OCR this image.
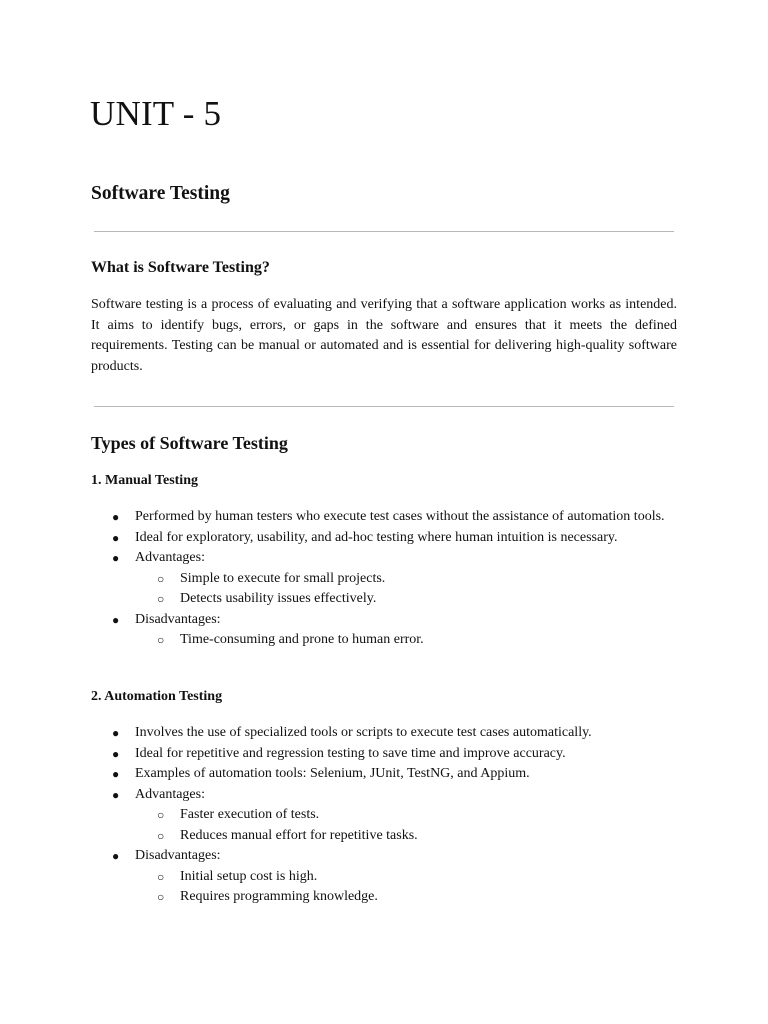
UNIT - 5
Software Testing
What is Software Testing?

Software testing is a process of evaluating and verifying that a software application works as intended. It aims to identify bugs, errors, or gaps in the software and ensures that it meets the defined requirements. Testing can be manual or automated and is essential for delivering high-quality software products.

Types of Software Testing
1. Manual Testing
● Performed by human testers who execute test cases without the assistance of automation tools.
● Ideal for exploratory, usability, and ad-hoc testing where human intuition is necessary.
● Advantages:
○ Simple to execute for small projects.
○ Detects usability issues effectively.
● Disadvantages:
○ Time-consuming and prone to human error.
2. Automation Testing
● Involves the use of specialized tools or scripts to execute test cases automatically.
● Ideal for repetitive and regression testing to save time and improve accuracy.
● Examples of automation tools: Selenium, JUnit, TestNG, and Appium.
● Advantages:
○ Faster execution of tests.
○ Reduces manual effort for repetitive tasks.
● Disadvantages:
○ Initial setup cost is high.
○ Requires programming knowledge.
